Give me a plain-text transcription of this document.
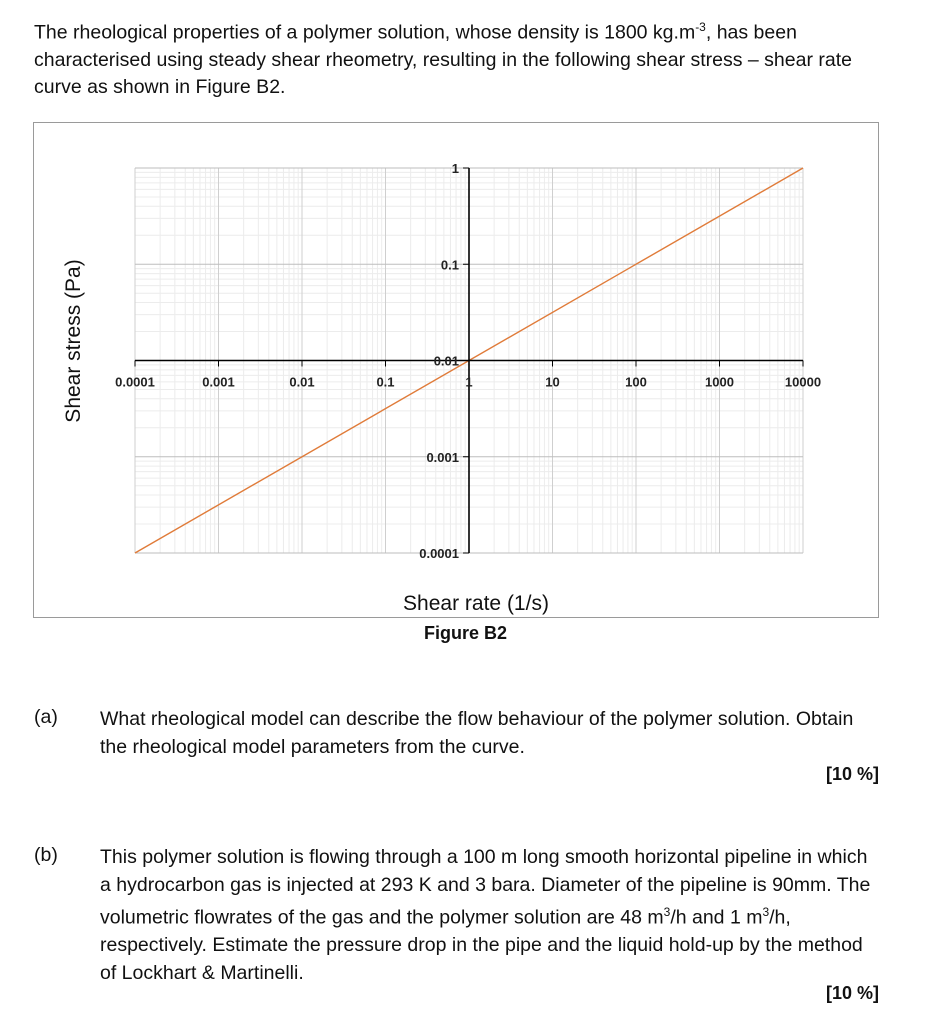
The rheological properties of a polymer solution, whose density is 1800 $kg.m^{-3}$, has been characterised using steady shear rheometry, resulting in the following shear stress – shear rate curve as shown in Figure B2.

0.0001	0.001	0.01	0.1	1	10	100	1000	10000
1
0.1
0.01
0.001
0.0001
Shear stress (Pa)
Shear rate (1/s)
Figure B2
(a) What rheological model can describe the flow behaviour of the polymer solution. Obtain the rheological model parameters from the curve.

[10 %]
(b) This polymer solution is flowing through a 100 m long smooth horizontal pipeline in which a hydrocarbon gas is injected at 293 K and 3 bara. Diameter of the pipeline is 90mm. The volumetric flowrates of the gas and the polymer solution are 48 $m^3/h$ and 1 $m^3/h$, respectively. Estimate the pressure drop in the pipe and the liquid hold-up by the method of Lockhart & Martinelli.

[10 %]
